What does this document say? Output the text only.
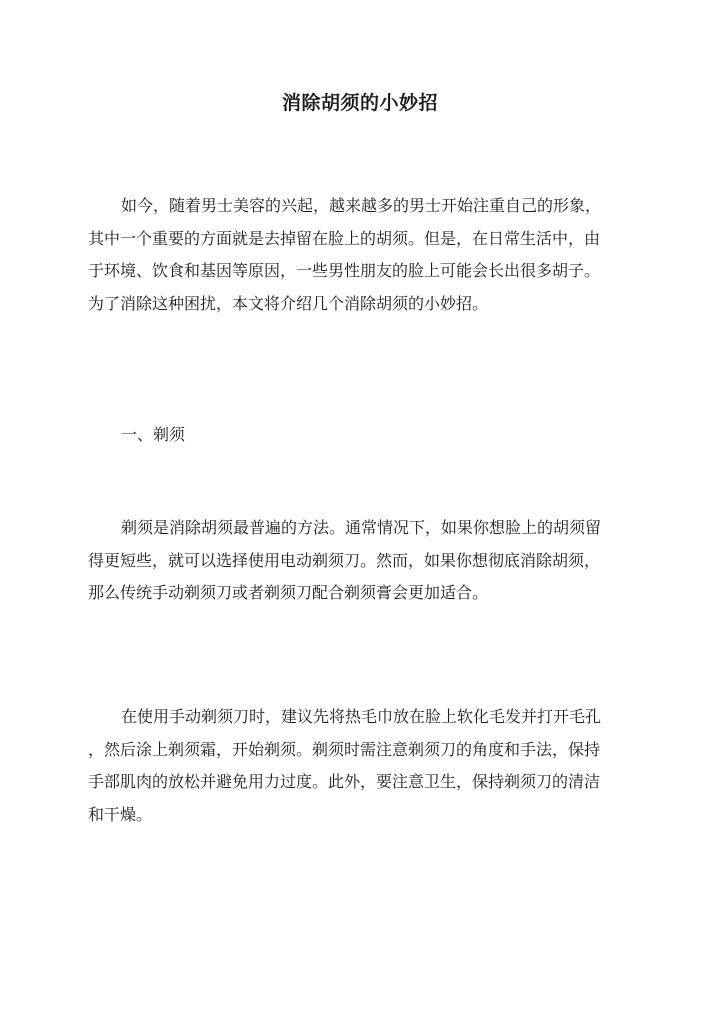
消除胡须的小妙招
如今，随着男士美容的兴起，越来越多的男士开始注重自己的形象，
其中一个重要的方面就是去掉留在脸上的胡须。但是，在日常生活中，由
于环境、饮食和基因等原因，一些男性朋友的脸上可能会长出很多胡子。
为了消除这种困扰，本文将介绍几个消除胡须的小妙招。
一、剃须
剃须是消除胡须最普遍的方法。通常情况下，如果你想脸上的胡须留
得更短些，就可以选择使用电动剃须刀。然而，如果你想彻底消除胡须，
那么传统手动剃须刀或者剃须刀配合剃须膏会更加适合。
在使用手动剃须刀时，建议先将热毛巾放在脸上软化毛发并打开毛孔
，然后涂上剃须霜，开始剃须。剃须时需注意剃须刀的角度和手法，保持
手部肌肉的放松并避免用力过度。此外，要注意卫生，保持剃须刀的清洁
和干燥。
